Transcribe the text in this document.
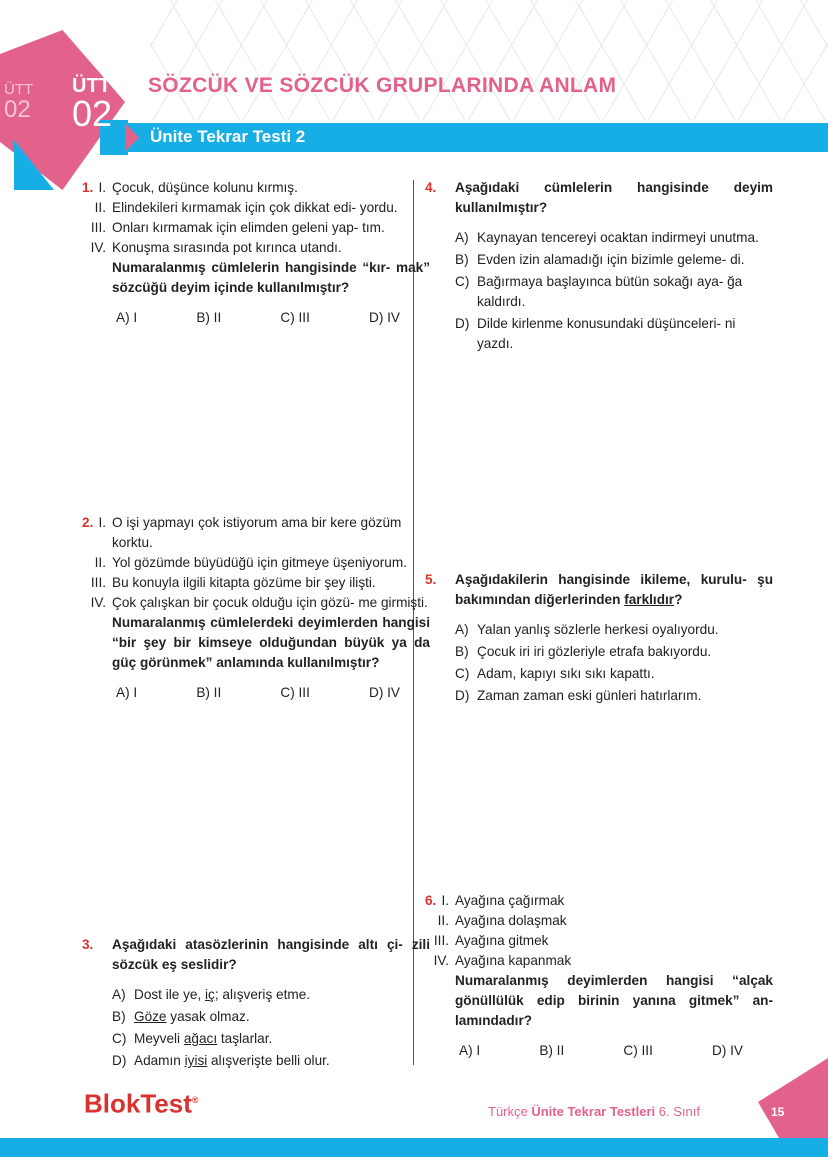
ÜTT
02
ÜTT
02
SÖZCÜK VE SÖZCÜK GRUPLARINDA ANLAM
Ünite Tekrar Testi 2
1. I. Çocuk, düşünce kolunu kırmış.
II. Elindekileri kırmamak için çok dikkat edi- yordu.
III. Onları kırmamak için elimden geleni yap- tım.
IV. Konuşma sırasında pot kırınca utandı.
Numaralanmış cümlelerin hangisinde “kır- mak” sözcüğü deyim içinde kullanılmıştır?
A) I	B) II	C) III	D) IV
2. I. O işi yapmayı çok istiyorum ama bir kere gözüm korktu.
II. Yol gözümde büyüdüğü için gitmeye üşeniyorum.
III. Bu konuyla ilgili kitapta gözüme bir şey ilişti.
IV. Çok çalışkan bir çocuk olduğu için gözü- me girmişti.
Numaralanmış cümlelerdeki deyimlerden hangisi “bir şey bir kimseye olduğundan büyük ya da güç görünmek” anlamında kullanılmıştır?
A) I	B) II	C) III	D) IV
3. Aşağıdaki atasözlerinin hangisinde altı çi- zili sözcük eş seslidir?
A) Dost ile ye, iç; alışveriş etme.
B) Göze yasak olmaz.
C) Meyveli ağacı taşlarlar.
D) Adamın iyisi alışverişte belli olur.
4. Aşağıdaki cümlelerin hangisinde deyim kullanılmıştır?
A) Kaynayan tencereyi ocaktan indirmeyi unutma.
B) Evden izin alamadığı için bizimle geleme- di.
C) Bağırmaya başlayınca bütün sokağı aya- ğa kaldırdı.
D) Dilde kirlenme konusundaki düşünceleri- ni yazdı.
5. Aşağıdakilerin hangisinde ikileme, kurulu- şu bakımından diğerlerinden farklıdır?
A) Yalan yanlış sözlerle herkesi oyalıyordu.
B) Çocuk iri iri gözleriyle etrafa bakıyordu.
C) Adam, kapıyı sıkı sıkı kapattı.
D) Zaman zaman eski günleri hatırlarım.
6. I. Ayağına çağırmak
II. Ayağına dolaşmak
III. Ayağına gitmek
IV. Ayağına kapanmak
Numaralanmış deyimlerden hangisi “alçak gönüllülük edip birinin yanına gitmek” an- lamındadır?
A) I	B) II	C) III	D) IV
BlokTest®
Türkçe Ünite Tekrar Testleri 6. Sınıf	15
